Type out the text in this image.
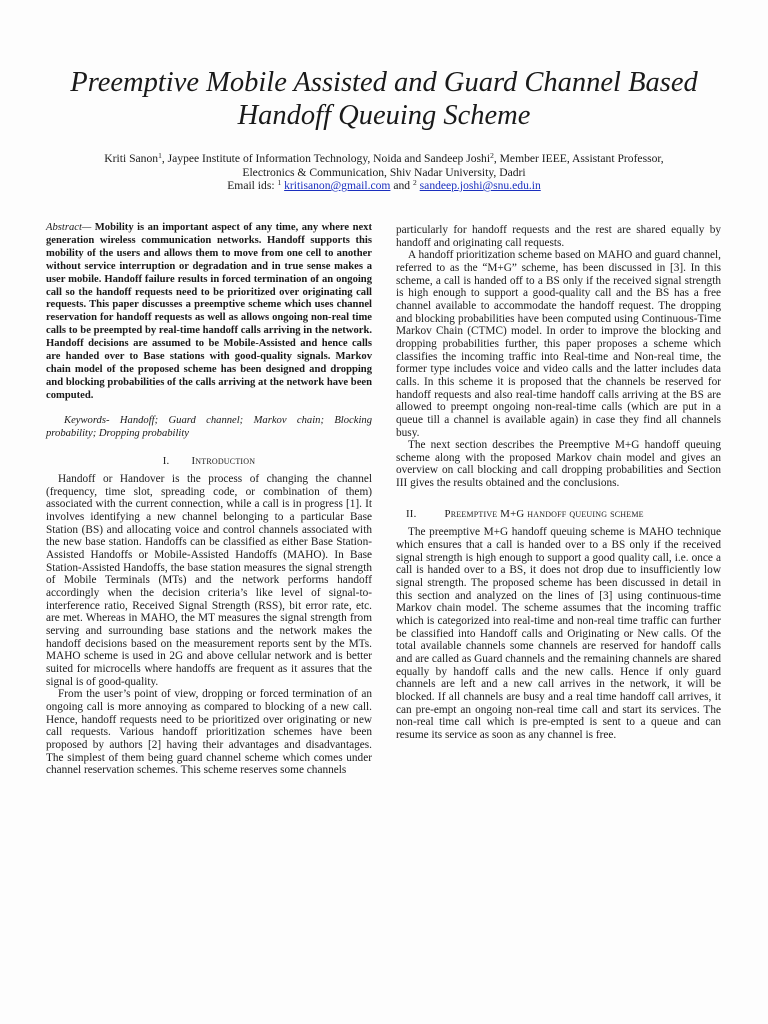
Preemptive Mobile Assisted and Guard Channel Based Handoff Queuing Scheme
Kriti Sanon$^1$, Jaypee Institute of Information Technology, Noida and Sandeep Joshi$^2$, Member IEEE, Assistant Professor,
Electronics & Communication, Shiv Nadar University, Dadri
Email ids: $^1$ kritisanon@gmail.com and $^2$ sandeep.joshi@snu.edu.in

Abstract— Mobility is an important aspect of any time, any where next generation wireless communication networks. Handoff supports this mobility of the users and allows them to move from one cell to another without service interruption or degradation and in true sense makes a user mobile. Handoff failure results in forced termination of an ongoing call so the handoff requests need to be prioritized over originating call requests. This paper discusses a preemptive scheme which uses channel reservation for handoff requests as well as allows ongoing non-real time calls to be preempted by real-time handoff calls arriving in the network. Handoff decisions are assumed to be Mobile-Assisted and hence calls are handed over to Base stations with good-quality signals. Markov chain model of the proposed scheme has been designed and dropping and blocking probabilities of the calls arriving at the network have been computed.

Keywords- Handoff; Guard channel; Markov chain; Blocking probability; Dropping probability

I. Introduction

Handoff or Handover is the process of changing the channel (frequency, time slot, spreading code, or combination of them) associated with the current connection, while a call is in progress [1]. It involves identifying a new channel belonging to a particular Base Station (BS) and allocating voice and control channels associated with the new base station. Handoffs can be classified as either Base Station-Assisted Handoffs or Mobile-Assisted Handoffs (MAHO). In Base Station-Assisted Handoffs, the base station measures the signal strength of Mobile Terminals (MTs) and the network performs handoff accordingly when the decision criteria’s like level of signal-to-interference ratio, Received Signal Strength (RSS), bit error rate, etc. are met. Whereas in MAHO, the MT measures the signal strength from serving and surrounding base stations and the network makes the handoff decisions based on the measurement reports sent by the MTs. MAHO scheme is used in 2G and above cellular network and is better suited for microcells where handoffs are frequent as it assures that the signal is of good-quality.

From the user’s point of view, dropping or forced termination of an ongoing call is more annoying as compared to blocking of a new call. Hence, handoff requests need to be prioritized over originating or new call requests. Various handoff prioritization schemes have been proposed by authors [2] having their advantages and disadvantages. The simplest of them being guard channel scheme which comes under channel reservation schemes. This scheme reserves some channels

particularly for handoff requests and the rest are shared equally by handoff and originating call requests.

A handoff prioritization scheme based on MAHO and guard channel, referred to as the “M+G” scheme, has been discussed in [3]. In this scheme, a call is handed off to a BS only if the received signal strength is high enough to support a good-quality call and the BS has a free channel available to accommodate the handoff request. The dropping and blocking probabilities have been computed using Continuous-Time Markov Chain (CTMC) model. In order to improve the blocking and dropping probabilities further, this paper proposes a scheme which classifies the incoming traffic into Real-time and Non-real time, the former type includes voice and video calls and the latter includes data calls. In this scheme it is proposed that the channels be reserved for handoff requests and also real-time handoff calls arriving at the BS are allowed to preempt ongoing non-real-time calls (which are put in a queue till a channel is available again) in case they find all channels busy.

The next section describes the Preemptive M+G handoff queuing scheme along with the proposed Markov chain model and gives an overview on call blocking and call dropping probabilities and Section III gives the results obtained and the conclusions.

II.	Preemptive M+G handoff queuing scheme

The preemptive M+G handoff queuing scheme is MAHO technique which ensures that a call is handed over to a BS only if the received signal strength is high enough to support a good quality call, i.e. once a call is handed over to a BS, it does not drop due to insufficiently low signal strength. The proposed scheme has been discussed in detail in this section and analyzed on the lines of [3] using continuous-time Markov chain model. The scheme assumes that the incoming traffic which is categorized into real-time and non-real time traffic can further be classified into Handoff calls and Originating or New calls. Of the total available channels some channels are reserved for handoff calls and are called as Guard channels and the remaining channels are shared equally by handoff calls and the new calls. Hence if only guard channels are left and a new call arrives in the network, it will be blocked. If all channels are busy and a real time handoff call arrives, it can pre-empt an ongoing non-real time call and start its services. The non-real time call which is pre-empted is sent to a queue and can resume its service as soon as any channel is free.
